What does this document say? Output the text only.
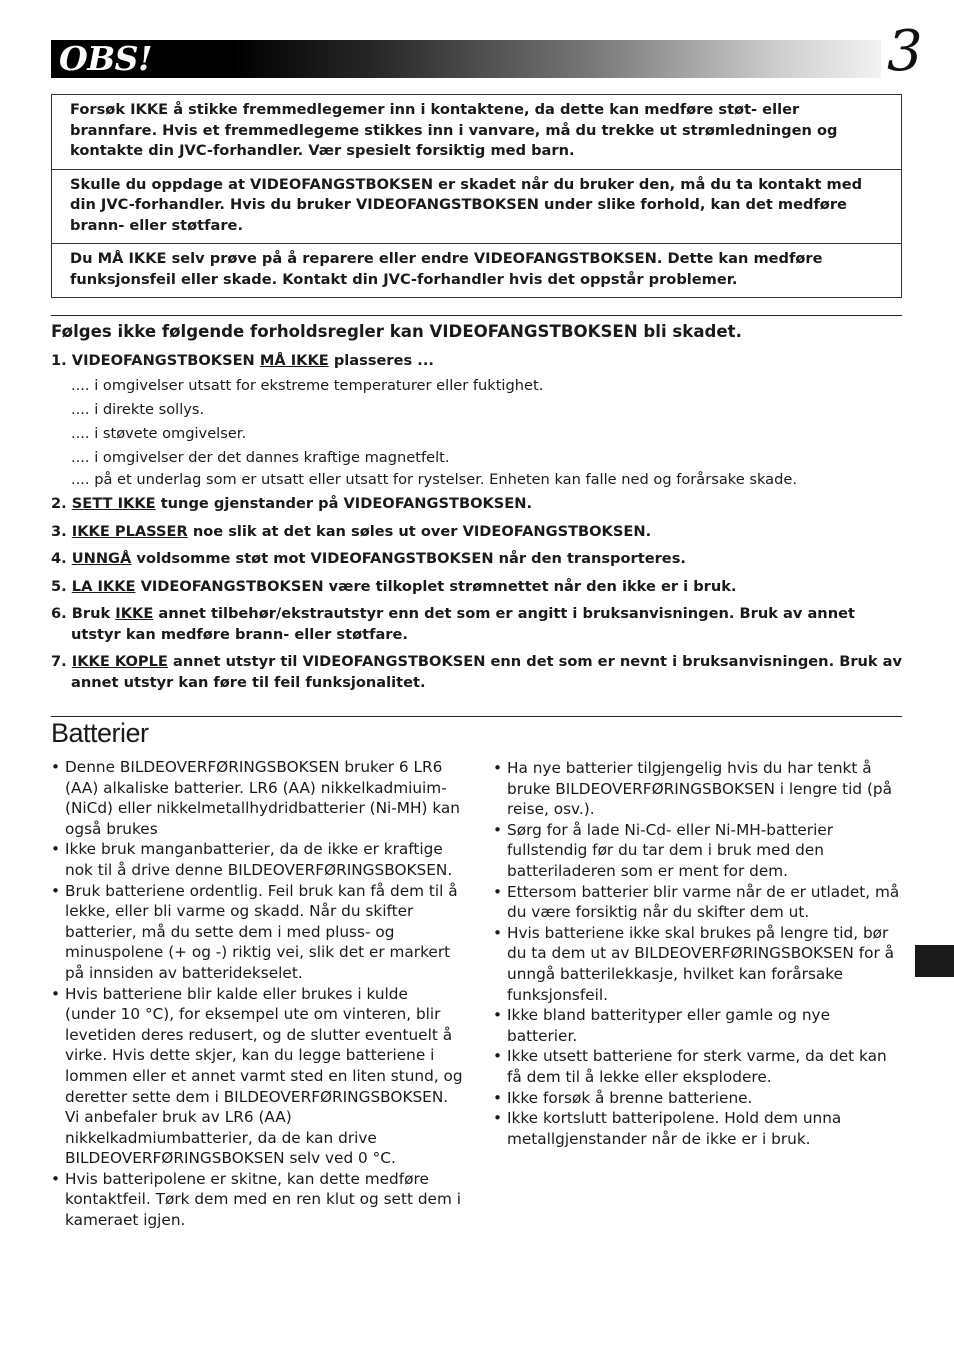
OBS!	3
Forsøk IKKE å stikke fremmedlegemer inn i kontaktene, da dette kan medføre støt- eller brannfare. Hvis et fremmedlegeme stikkes inn i vanvare, må du trekke ut strømledningen og kontakte din JVC-forhandler. Vær spesielt forsiktig med barn.
Skulle du oppdage at VIDEOFANGSTBOKSEN er skadet når du bruker den, må du ta kontakt med din JVC-forhandler. Hvis du bruker VIDEOFANGSTBOKSEN under slike forhold, kan det medføre brann- eller støtfare.
Du MÅ IKKE selv prøve på å reparere eller endre VIDEOFANGSTBOKSEN. Dette kan medføre funksjonsfeil eller skade. Kontakt din JVC-forhandler hvis det oppstår problemer.
Følges ikke følgende forholdsregler kan VIDEOFANGSTBOKSEN bli skadet.
1. VIDEOFANGSTBOKSEN MÅ IKKE plasseres ...
.... i omgivelser utsatt for ekstreme temperaturer eller fuktighet.
.... i direkte sollys.
.... i støvete omgivelser.
.... i omgivelser der det dannes kraftige magnetfelt.
.... på et underlag som er utsatt eller utsatt for rystelser. Enheten kan falle ned og forårsake skade.
2. SETT IKKE tunge gjenstander på VIDEOFANGSTBOKSEN.
3. IKKE PLASSER noe slik at det kan søles ut over VIDEOFANGSTBOKSEN.
4. UNNGÅ voldsomme støt mot VIDEOFANGSTBOKSEN når den transporteres.
5. LA IKKE VIDEOFANGSTBOKSEN være tilkoplet strømnettet når den ikke er i bruk.
6. Bruk IKKE annet tilbehør/ekstrautstyr enn det som er angitt i bruksanvisningen. Bruk av annet utstyr kan medføre brann- eller støtfare.
7. IKKE KOPLE annet utstyr til VIDEOFANGSTBOKSEN enn det som er nevnt i bruksanvisningen. Bruk av annet utstyr kan føre til feil funksjonalitet.
Batterier
• Denne BILDEOVERFØRINGSBOKSEN bruker 6 LR6 (AA) alkaliske batterier. LR6 (AA) nikkelkadmiuim- (NiCd) eller nikkelmetallhydridbatterier (Ni-MH) kan også brukes
• Ikke bruk manganbatterier, da de ikke er kraftige nok til å drive denne BILDEOVERFØRINGSBOKSEN.
• Bruk batteriene ordentlig. Feil bruk kan få dem til å lekke, eller bli varme og skadd. Når du skifter batterier, må du sette dem i med pluss- og minuspolene (+ og -) riktig vei, slik det er markert på innsiden av batteridekselet.
• Hvis batteriene blir kalde eller brukes i kulde (under 10 °C), for eksempel ute om vinteren, blir levetiden deres redusert, og de slutter eventuelt å virke. Hvis dette skjer, kan du legge batteriene i lommen eller et annet varmt sted en liten stund, og deretter sette dem i BILDEOVERFØRINGSBOKSEN. Vi anbefaler bruk av LR6 (AA) nikkelkadmiumbatterier, da de kan drive BILDEOVERFØRINGSBOKSEN selv ved 0 °C.
• Hvis batteripolene er skitne, kan dette medføre kontaktfeil. Tørk dem med en ren klut og sett dem i kameraet igjen.
• Ha nye batterier tilgjengelig hvis du har tenkt å bruke BILDEOVERFØRINGSBOKSEN i lengre tid (på reise, osv.).
• Sørg for å lade Ni-Cd- eller Ni-MH-batterier fullstendig før du tar dem i bruk med den batteriladeren som er ment for dem.
• Ettersom batterier blir varme når de er utladet, må du være forsiktig når du skifter dem ut.
• Hvis batteriene ikke skal brukes på lengre tid, bør du ta dem ut av BILDEOVERFØRINGSBOKSEN for å unngå batterilekkasje, hvilket kan forårsake funksjonsfeil.
• Ikke bland batterityper eller gamle og nye batterier.
• Ikke utsett batteriene for sterk varme, da det kan få dem til å lekke eller eksplodere.
• Ikke forsøk å brenne batteriene.
• Ikke kortslutt batteripolene. Hold dem unna metallgjenstander når de ikke er i bruk.
